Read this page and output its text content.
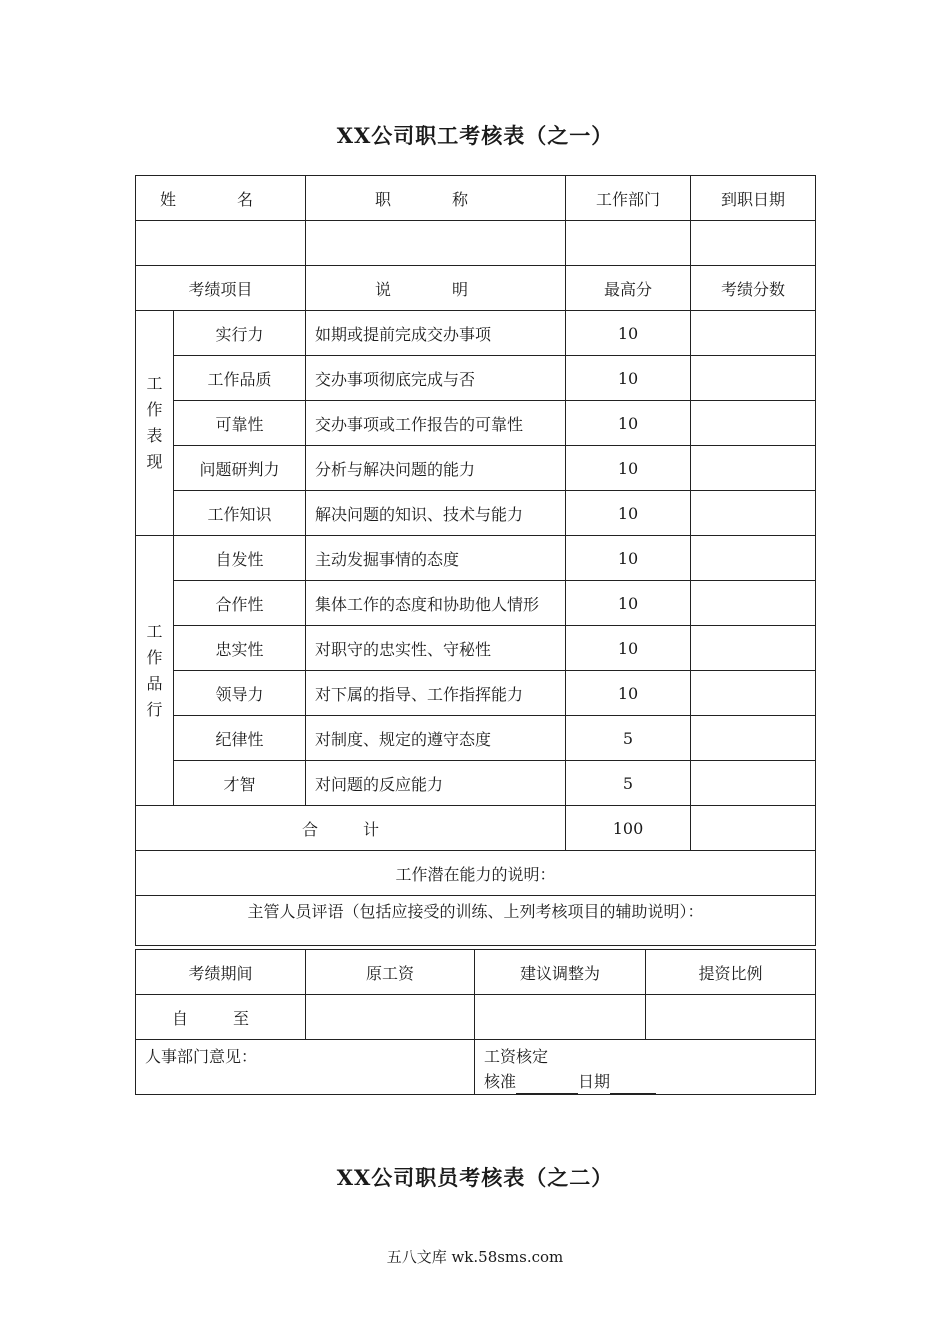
XX公司职工考核表（之一）
姓 名		职 称	工作部门	到职日期

考绩项目		说 明	最高分	考绩分数
工作表现	实行力	如期或提前完成交办事项	10	
	工作品质	交办事项彻底完成与否	10	
	可靠性	交办事项或工作报告的可靠性	10	
	问题研判力	分析与解决问题的能力	10	
	工作知识	解决问题的知识、技术与能力	10	
工作品行	自发性	主动发掘事情的态度	10	
	合作性	集体工作的态度和协助他人情形	10	
	忠实性	对职守的忠实性、守秘性	10	
	领导力	对下属的指导、工作指挥能力	10	
	纪律性	对制度、规定的遵守态度	5	
	才智	对问题的反应能力	5	
合 计			100	
工作潜在能力的说明：				
主管人员评语（包括应接受的训练、上列考核项目的辅助说明）：				
考绩期间	原工资	建议调整为	提资比例
自 至			
人事部门意见：		工资核定
核准 日期	
XX公司职员考核表（之二）
五八文库 wk.58sms.com
